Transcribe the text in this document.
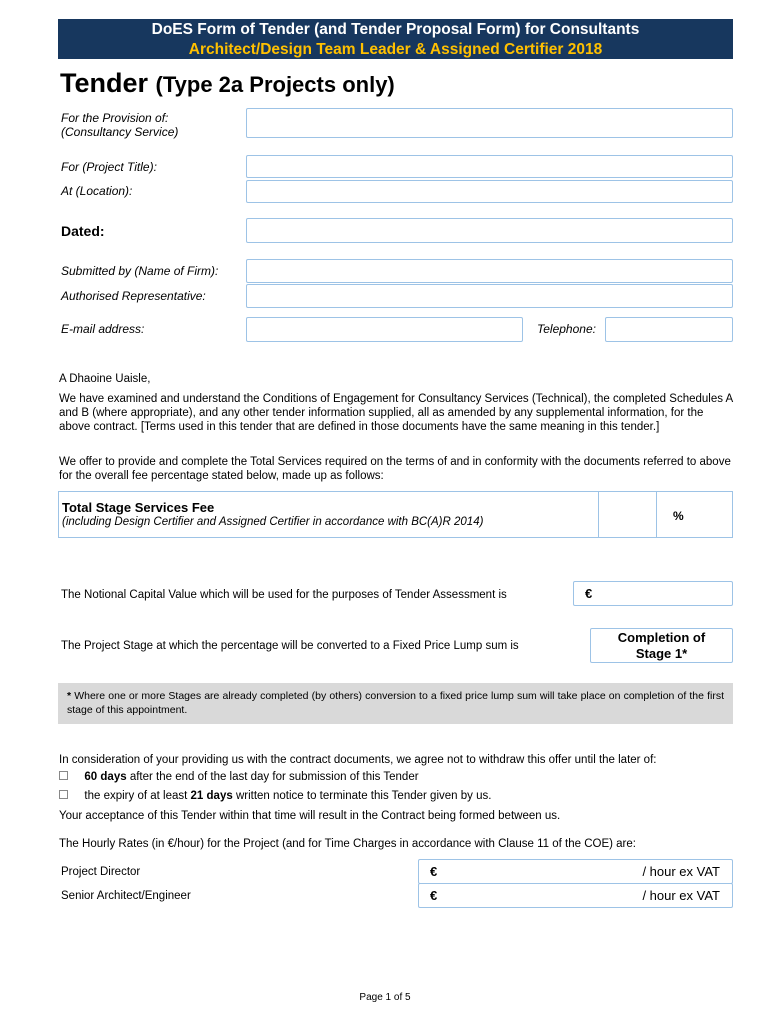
DoES Form of Tender (and Tender Proposal Form) for Consultants
Architect/Design Team Leader & Assigned Certifier 2018
Tender (Type 2a Projects only)
For the Provision of:
(Consultancy Service)
For (Project Title):
At (Location):
Dated:
Submitted by (Name of Firm):
Authorised Representative:
E-mail address:	Telephone:
A Dhaoine Uaisle,
We have examined and understand the Conditions of Engagement for Consultancy Services (Technical), the completed Schedules A and B (where appropriate), and any other tender information supplied, all as amended by any supplemental information, for the above contract. [Terms used in this tender that are defined in those documents have the same meaning in this tender.]
We offer to provide and complete the Total Services required on the terms of and in conformity with the documents referred to above for the overall fee percentage stated below, made up as follows:
Total Stage Services Fee
(including Design Certifier and Assigned Certifier in accordance with BC(A)R 2014)	%
The Notional Capital Value which will be used for the purposes of Tender Assessment is	€
The Project Stage at which the percentage will be converted to a Fixed Price Lump sum is
Completion of
Stage 1*
* Where one or more Stages are already completed (by others) conversion to a fixed price lump sum will take place on completion of the first stage of this appointment.
In consideration of your providing us with the contract documents, we agree not to withdraw this offer until the later of:
60 days after the end of the last day for submission of this Tender
the expiry of at least 21 days written notice to terminate this Tender given by us.
Your acceptance of this Tender within that time will result in the Contract being formed between us.
The Hourly Rates (in €/hour) for the Project (and for Time Charges in accordance with Clause 11 of the COE) are:
Project Director	€	/ hour ex VAT
Senior Architect/Engineer	€	/ hour ex VAT
Page 1 of 5
